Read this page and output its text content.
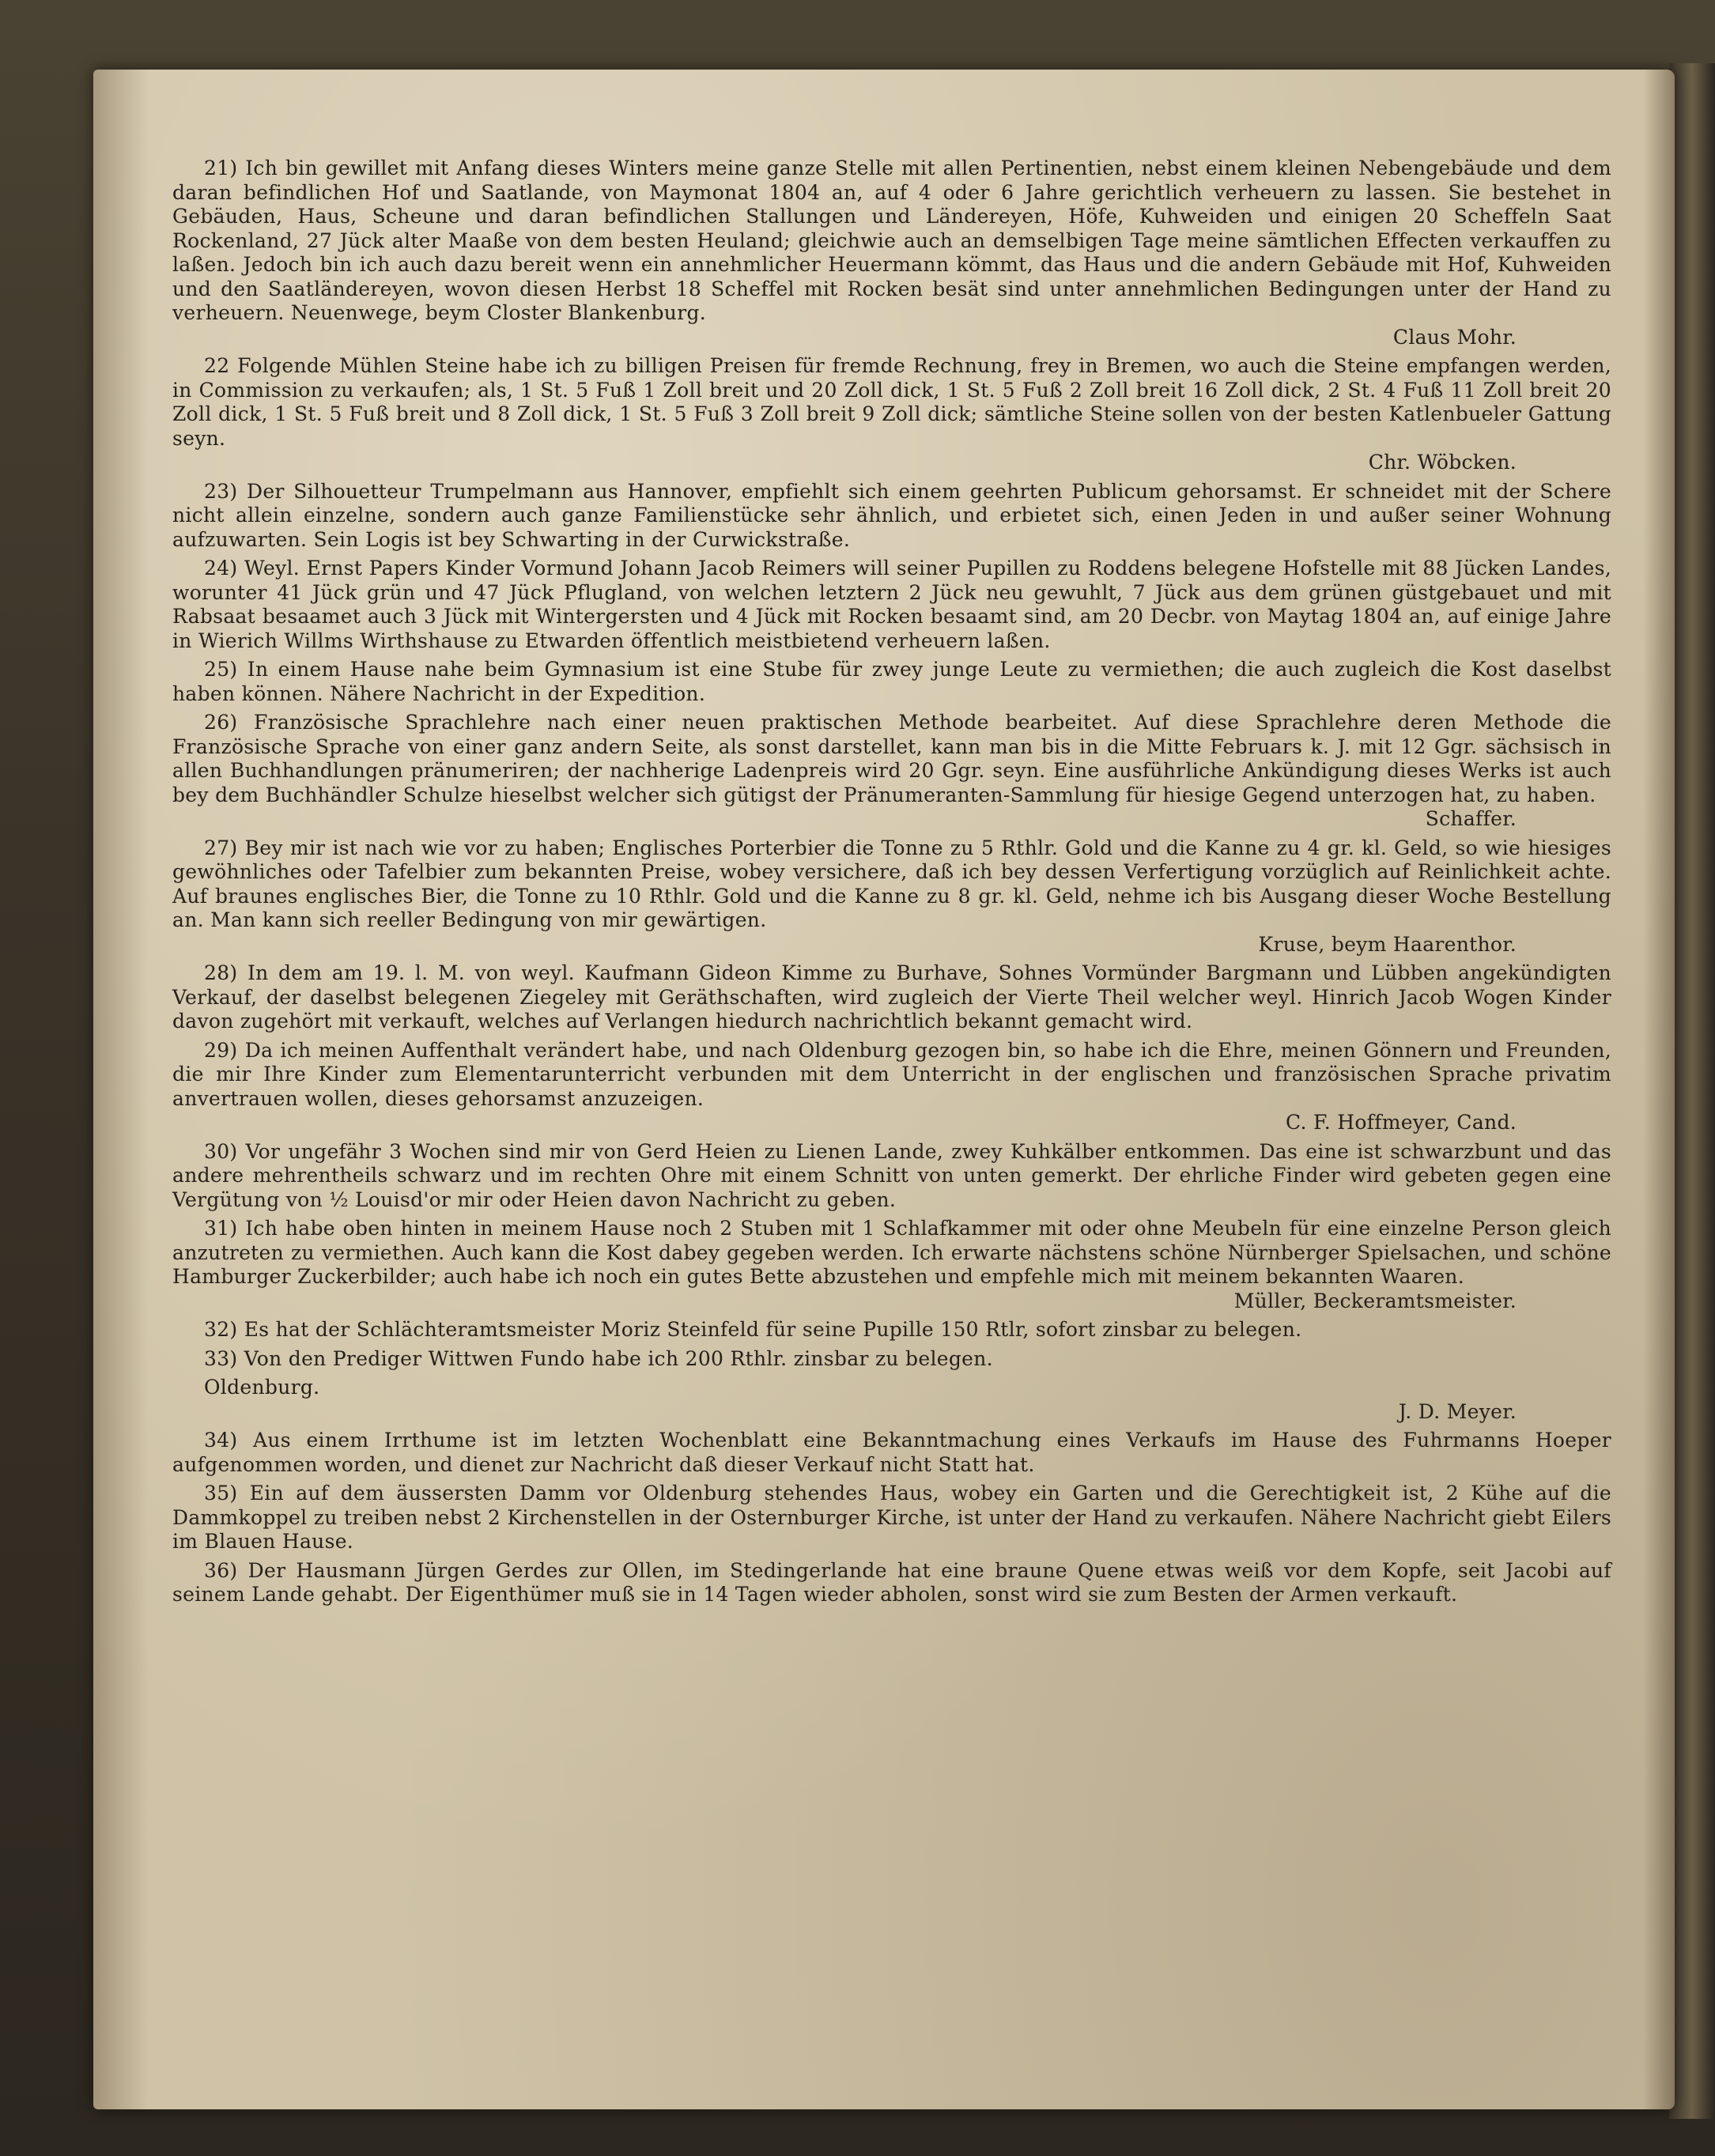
21) Ich bin gewillet mit Anfang dieses Winters meine ganze Stelle mit allen Pertinentien, nebst einem kleinen Nebengebäude und dem daran befindlichen Hof und Saatlande, von Maymonat 1804 an, auf 4 oder 6 Jahre gerichtlich verheuern zu lassen. Sie bestehet in Gebäuden, Haus, Scheune und daran befindlichen Stallungen und Ländereyen, Höfe, Kuhweiden und einigen 20 Scheffeln Saat Rockenland, 27 Jück alter Maaße von dem besten Heuland; gleichwie auch an demselbigen Tage meine sämtlichen Effecten verkauffen zu laßen. Jedoch bin ich auch dazu bereit wenn ein annehmlicher Heuermann kömmt, das Haus und die andern Gebäude mit Hof, Kuhweiden und den Saatländereyen, wovon diesen Herbst 18 Scheffel mit Rocken besät sind unter annehmlichen Bedingungen unter der Hand zu verheuern. Neuenwege, beym Closter Blankenburg.
Claus Mohr.
22 Folgende Mühlen Steine habe ich zu billigen Preisen für fremde Rechnung, frey in Bremen, wo auch die Steine empfangen werden, in Commission zu verkaufen; als, 1 St. 5 Fuß 1 Zoll breit und 20 Zoll dick, 1 St. 5 Fuß 2 Zoll breit 16 Zoll dick, 2 St. 4 Fuß 11 Zoll breit 20 Zoll dick, 1 St. 5 Fuß breit und 8 Zoll dick, 1 St. 5 Fuß 3 Zoll breit 9 Zoll dick; sämtliche Steine sollen von der besten Katlenbueler Gattung seyn.
Chr. Wöbcken.
23) Der Silhouetteur Trumpelmann aus Hannover, empfiehlt sich einem geehrten Publicum gehorsamst. Er schneidet mit der Schere nicht allein einzelne, sondern auch ganze Familienstücke sehr ähnlich, und erbietet sich, einen Jeden in und außer seiner Wohnung aufzuwarten. Sein Logis ist bey Schwarting in der Curwickstraße.
24) Weyl. Ernst Papers Kinder Vormund Johann Jacob Reimers will seiner Pupillen zu Roddens belegene Hofstelle mit 88 Jücken Landes, worunter 41 Jück grün und 47 Jück Pflugland, von welchen letztern 2 Jück neu gewuhlt, 7 Jück aus dem grünen güstgebauet und mit Rabsaat besaamet auch 3 Jück mit Wintergersten und 4 Jück mit Rocken besaamt sind, am 20 Decbr. von Maytag 1804 an, auf einige Jahre in Wierich Willms Wirthshause zu Etwarden öffentlich meistbietend verheuern laßen.
25) In einem Hause nahe beim Gymnasium ist eine Stube für zwey junge Leute zu vermiethen; die auch zugleich die Kost daselbst haben können. Nähere Nachricht in der Expedition.
26) Französische Sprachlehre nach einer neuen praktischen Methode bearbeitet. Auf diese Sprachlehre deren Methode die Französische Sprache von einer ganz andern Seite, als sonst darstellet, kann man bis in die Mitte Februars k. J. mit 12 Ggr. sächsisch in allen Buchhandlungen pränumeriren; der nachherige Ladenpreis wird 20 Ggr. seyn. Eine ausführliche Ankündigung dieses Werks ist auch bey dem Buchhändler Schulze hieselbst welcher sich gütigst der Pränumeranten-Sammlung für hiesige Gegend unterzogen hat, zu haben.
Schaffer.
27) Bey mir ist nach wie vor zu haben; Englisches Porterbier die Tonne zu 5 Rthlr. Gold und die Kanne zu 4 gr. kl. Geld, so wie hiesiges gewöhnliches oder Tafelbier zum bekannten Preise, wobey versichere, daß ich bey dessen Verfertigung vorzüglich auf Reinlichkeit achte. Auf braunes englisches Bier, die Tonne zu 10 Rthlr. Gold und die Kanne zu 8 gr. kl. Geld, nehme ich bis Ausgang dieser Woche Bestellung an. Man kann sich reeller Bedingung von mir gewärtigen.
Kruse, beym Haarenthor.
28) In dem am 19. l. M. von weyl. Kaufmann Gideon Kimme zu Burhave, Sohnes Vormünder Bargmann und Lübben angekündigten Verkauf, der daselbst belegenen Ziegeley mit Geräthschaften, wird zugleich der Vierte Theil welcher weyl. Hinrich Jacob Wogen Kinder davon zugehört mit verkauft, welches auf Verlangen hiedurch nachrichtlich bekannt gemacht wird.
29) Da ich meinen Auffenthalt verändert habe, und nach Oldenburg gezogen bin, so habe ich die Ehre, meinen Gönnern und Freunden, die mir Ihre Kinder zum Elementarunterricht verbunden mit dem Unterricht in der englischen und französischen Sprache privatim anvertrauen wollen, dieses gehorsamst anzuzeigen.
C. F. Hoffmeyer, Cand.
30) Vor ungefähr 3 Wochen sind mir von Gerd Heien zu Lienen Lande, zwey Kuhkälber entkommen. Das eine ist schwarzbunt und das andere mehrentheils schwarz und im rechten Ohre mit einem Schnitt von unten gemerkt. Der ehrliche Finder wird gebeten gegen eine Vergütung von ½ Louisd'or mir oder Heien davon Nachricht zu geben.
31) Ich habe oben hinten in meinem Hause noch 2 Stuben mit 1 Schlafkammer mit oder ohne Meubeln für eine einzelne Person gleich anzutreten zu vermiethen. Auch kann die Kost dabey gegeben werden. Ich erwarte nächstens schöne Nürnberger Spielsachen, und schöne Hamburger Zuckerbilder; auch habe ich noch ein gutes Bette abzustehen und empfehle mich mit meinem bekannten Waaren.
Müller, Beckeramtsmeister.
32) Es hat der Schlächteramtsmeister Moriz Steinfeld für seine Pupille 150 Rtlr, sofort zinsbar zu belegen.
33) Von den Prediger Wittwen Fundo habe ich 200 Rthlr. zinsbar zu belegen.
Oldenburg.
J. D. Meyer.
34) Aus einem Irrthume ist im letzten Wochenblatt eine Bekanntmachung eines Verkaufs im Hause des Fuhrmanns Hoeper aufgenommen worden, und dienet zur Nachricht daß dieser Verkauf nicht Statt hat.
35) Ein auf dem äussersten Damm vor Oldenburg stehendes Haus, wobey ein Garten und die Gerechtigkeit ist, 2 Kühe auf die Dammkoppel zu treiben nebst 2 Kirchenstellen in der Osternburger Kirche, ist unter der Hand zu verkaufen. Nähere Nachricht giebt Eilers im Blauen Hause.
36) Der Hausmann Jürgen Gerdes zur Ollen, im Stedingerlande hat eine braune Quene etwas weiß vor dem Kopfe, seit Jacobi auf seinem Lande gehabt. Der Eigenthümer muß sie in 14 Tagen wieder abholen, sonst wird sie zum Besten der Armen verkauft.
